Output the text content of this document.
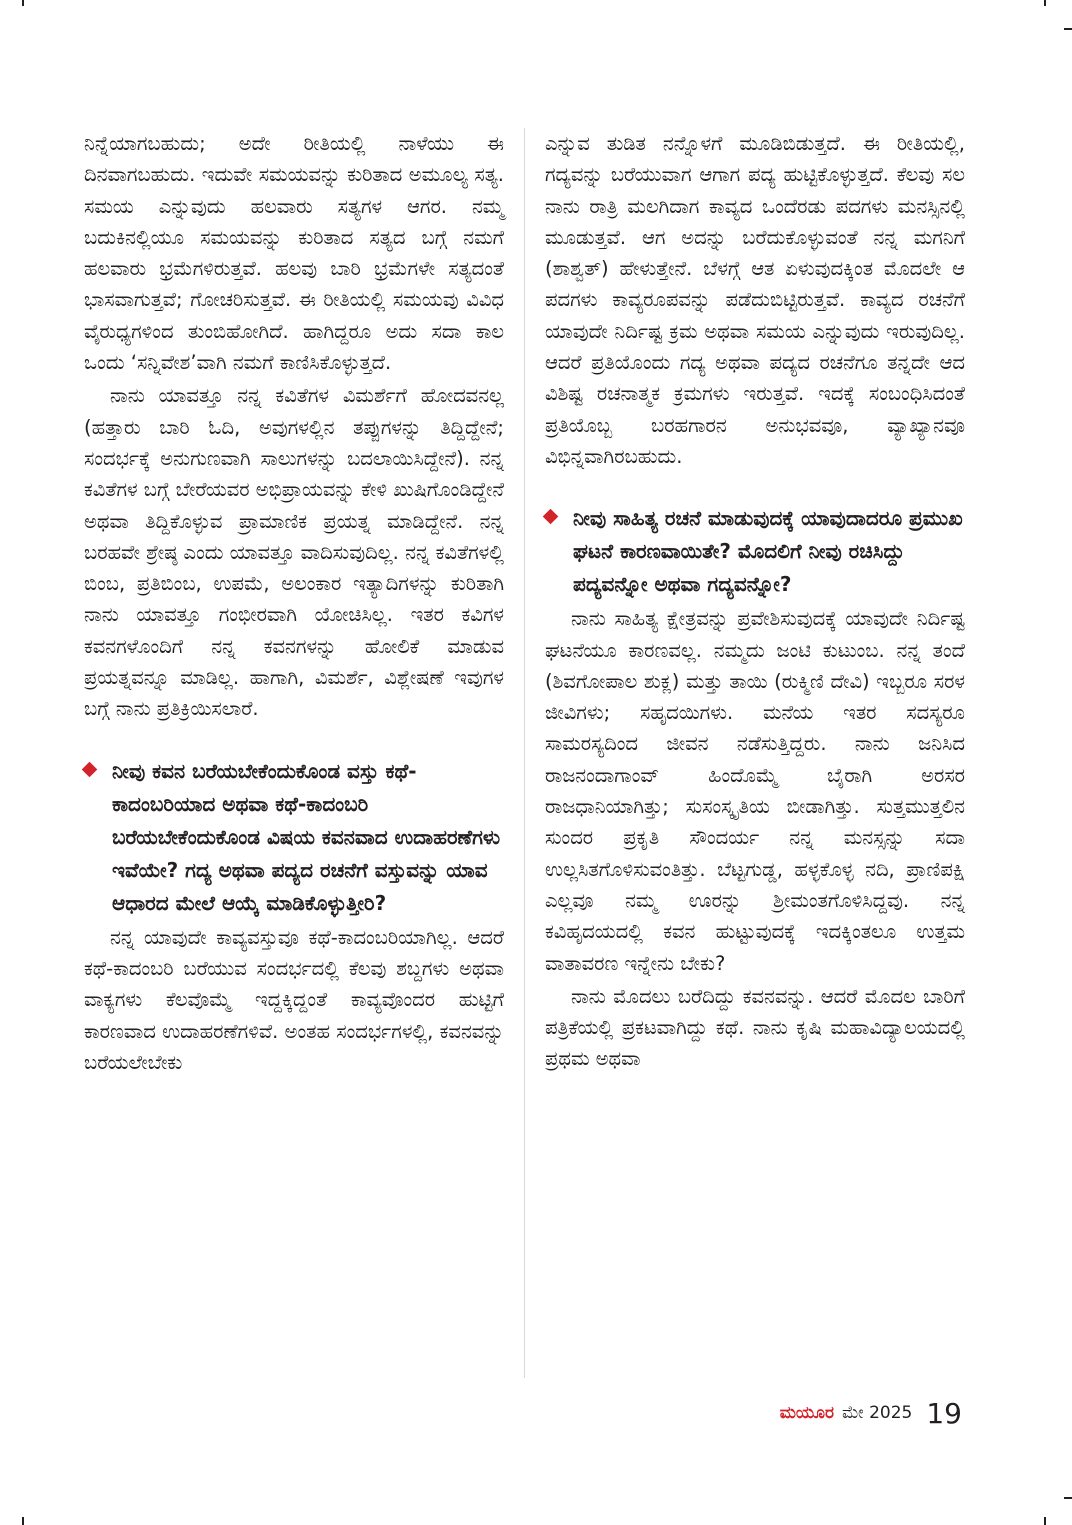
ನಿನ್ನೆಯಾಗಬಹುದು; ಅದೇ ರೀತಿಯಲ್ಲಿ ನಾಳೆಯು ಈ ದಿನವಾಗಬಹುದು. ಇದುವೇ ಸಮಯವನ್ನು ಕುರಿತಾದ ಅಮೂಲ್ಯ ಸತ್ಯ. ಸಮಯ ಎನ್ನುವುದು ಹಲವಾರು ಸತ್ಯಗಳ ಆಗರ. ನಮ್ಮ ಬದುಕಿನಲ್ಲಿಯೂ ಸಮಯವನ್ನು ಕುರಿತಾದ ಸತ್ಯದ ಬಗ್ಗೆ ನಮಗೆ ಹಲವಾರು ಭ್ರಮೆಗಳಿರುತ್ತವೆ. ಹಲವು ಬಾರಿ ಭ್ರಮೆಗಳೇ ಸತ್ಯದಂತೆ ಭಾಸವಾಗುತ್ತವೆ; ಗೋಚರಿಸುತ್ತವೆ. ಈ ರೀತಿಯಲ್ಲಿ ಸಮಯವು ವಿವಿಧ ವೈರುಧ್ಯಗಳಿಂದ ತುಂಬಿಹೋಗಿದೆ. ಹಾಗಿದ್ದರೂ ಅದು ಸದಾ ಕಾಲ ಒಂದು ‘ಸನ್ನಿವೇಶ’ವಾಗಿ ನಮಗೆ ಕಾಣಿಸಿಕೊಳ್ಳುತ್ತದೆ.

ನಾನು ಯಾವತ್ತೂ ನನ್ನ ಕವಿತೆಗಳ ವಿಮರ್ಶೆಗೆ ಹೋದವನಲ್ಲ (ಹತ್ತಾರು ಬಾರಿ ಓದಿ, ಅವುಗಳಲ್ಲಿನ ತಪ್ಪುಗಳನ್ನು ತಿದ್ದಿದ್ದೇನೆ; ಸಂದರ್ಭಕ್ಕೆ ಅನುಗುಣವಾಗಿ ಸಾಲುಗಳನ್ನು ಬದಲಾಯಿಸಿದ್ದೇನೆ). ನನ್ನ ಕವಿತೆಗಳ ಬಗ್ಗೆ ಬೇರೆಯವರ ಅಭಿಪ್ರಾಯವನ್ನು ಕೇಳಿ ಖುಷಿಗೊಂಡಿದ್ದೇನೆ ಅಥವಾ ತಿದ್ದಿಕೊಳ್ಳುವ ಪ್ರಾಮಾಣಿಕ ಪ್ರಯತ್ನ ಮಾಡಿದ್ದೇನೆ. ನನ್ನ ಬರಹವೇ ಶ್ರೇಷ್ಠ ಎಂದು ಯಾವತ್ತೂ ವಾದಿಸುವುದಿಲ್ಲ. ನನ್ನ ಕವಿತೆಗಳಲ್ಲಿ ಬಿಂಬ, ಪ್ರತಿಬಿಂಬ, ಉಪಮೆ, ಅಲಂಕಾರ ಇತ್ಯಾದಿಗಳನ್ನು ಕುರಿತಾಗಿ ನಾನು ಯಾವತ್ತೂ ಗಂಭೀರವಾಗಿ ಯೋಚಿಸಿಲ್ಲ. ಇತರ ಕವಿಗಳ ಕವನಗಳೊಂದಿಗೆ ನನ್ನ ಕವನಗಳನ್ನು ಹೋಲಿಕೆ ಮಾಡುವ ಪ್ರಯತ್ನವನ್ನೂ ಮಾಡಿಲ್ಲ. ಹಾಗಾಗಿ, ವಿಮರ್ಶೆ, ವಿಶ್ಲೇಷಣೆ ಇವುಗಳ ಬಗ್ಗೆ ನಾನು ಪ್ರತಿಕ್ರಿಯಿಸಲಾರೆ.

ನೀವು ಕವನ ಬರೆಯಬೇಕೆಂದುಕೊಂಡ ವಸ್ತು ಕಥೆ-ಕಾದಂಬರಿಯಾದ ಅಥವಾ ಕಥೆ-ಕಾದಂಬರಿ ಬರೆಯಬೇಕೆಂದುಕೊಂಡ ವಿಷಯ ಕವನವಾದ ಉದಾಹರಣೆಗಳು ಇವೆಯೇ? ಗದ್ಯ ಅಥವಾ ಪದ್ಯದ ರಚನೆಗೆ ವಸ್ತುವನ್ನು ಯಾವ ಆಧಾರದ ಮೇಲೆ ಆಯ್ಕೆ ಮಾಡಿಕೊಳ್ಳುತ್ತೀರಿ?

ನನ್ನ ಯಾವುದೇ ಕಾವ್ಯವಸ್ತುವೂ ಕಥೆ-ಕಾದಂಬರಿಯಾಗಿಲ್ಲ. ಆದರೆ ಕಥೆ-ಕಾದಂಬರಿ ಬರೆಯುವ ಸಂದರ್ಭದಲ್ಲಿ ಕೆಲವು ಶಬ್ದಗಳು ಅಥವಾ ವಾಕ್ಯಗಳು ಕೆಲವೊಮ್ಮೆ ಇದ್ದಕ್ಕಿದ್ದಂತೆ ಕಾವ್ಯವೊಂದರ ಹುಟ್ಟಿಗೆ ಕಾರಣವಾದ ಉದಾಹರಣೆಗಳಿವೆ. ಅಂತಹ ಸಂದರ್ಭಗಳಲ್ಲಿ, ಕವನವನ್ನು ಬರೆಯಲೇಬೇಕು

ಎನ್ನುವ ತುಡಿತ ನನ್ನೊಳಗೆ ಮೂಡಿಬಿಡುತ್ತದೆ. ಈ ರೀತಿಯಲ್ಲಿ, ಗದ್ಯವನ್ನು ಬರೆಯುವಾಗ ಆಗಾಗ ಪದ್ಯ ಹುಟ್ಟಿಕೊಳ್ಳುತ್ತದೆ. ಕೆಲವು ಸಲ ನಾನು ರಾತ್ರಿ ಮಲಗಿದಾಗ ಕಾವ್ಯದ ಒಂದೆರಡು ಪದಗಳು ಮನಸ್ಸಿನಲ್ಲಿ ಮೂಡುತ್ತವೆ. ಆಗ ಅದನ್ನು ಬರೆದುಕೊಳ್ಳುವಂತೆ ನನ್ನ ಮಗನಿಗೆ (ಶಾಶ್ವತ್) ಹೇಳುತ್ತೇನೆ. ಬೆಳಗ್ಗೆ ಆತ ಏಳುವುದಕ್ಕಿಂತ ಮೊದಲೇ ಆ ಪದಗಳು ಕಾವ್ಯರೂಪವನ್ನು ಪಡೆದುಬಿಟ್ಟಿರುತ್ತವೆ. ಕಾವ್ಯದ ರಚನೆಗೆ ಯಾವುದೇ ನಿರ್ದಿಷ್ಟ ಕ್ರಮ ಅಥವಾ ಸಮಯ ಎನ್ನುವುದು ಇರುವುದಿಲ್ಲ. ಆದರೆ ಪ್ರತಿಯೊಂದು ಗದ್ಯ ಅಥವಾ ಪದ್ಯದ ರಚನೆಗೂ ತನ್ನದೇ ಆದ ವಿಶಿಷ್ಟ ರಚನಾತ್ಮಕ ಕ್ರಮಗಳು ಇರುತ್ತವೆ. ಇದಕ್ಕೆ ಸಂಬಂಧಿಸಿದಂತೆ ಪ್ರತಿಯೊಬ್ಬ ಬರಹಗಾರನ ಅನುಭವವೂ, ವ್ಯಾಖ್ಯಾನವೂ ವಿಭಿನ್ನವಾಗಿರಬಹುದು.

ನೀವು ಸಾಹಿತ್ಯ ರಚನೆ ಮಾಡುವುದಕ್ಕೆ ಯಾವುದಾದರೂ ಪ್ರಮುಖ ಘಟನೆ ಕಾರಣವಾಯಿತೇ? ಮೊದಲಿಗೆ ನೀವು ರಚಿಸಿದ್ದು ಪದ್ಯವನ್ನೋ ಅಥವಾ ಗದ್ಯವನ್ನೋ?

ನಾನು ಸಾಹಿತ್ಯ ಕ್ಷೇತ್ರವನ್ನು ಪ್ರವೇಶಿಸುವುದಕ್ಕೆ ಯಾವುದೇ ನಿರ್ದಿಷ್ಟ ಘಟನೆಯೂ ಕಾರಣವಲ್ಲ. ನಮ್ಮದು ಜಂಟಿ ಕುಟುಂಬ. ನನ್ನ ತಂದೆ (ಶಿವಗೋಪಾಲ ಶುಕ್ಲ) ಮತ್ತು ತಾಯಿ (ರುಕ್ಮಿಣಿ ದೇವಿ) ಇಬ್ಬರೂ ಸರಳ ಜೀವಿಗಳು; ಸಹೃದಯಿಗಳು. ಮನೆಯ ಇತರ ಸದಸ್ಯರೂ ಸಾಮರಸ್ಯದಿಂದ ಜೀವನ ನಡೆಸುತ್ತಿದ್ದರು. ನಾನು ಜನಿಸಿದ ರಾಜನಂದಾಗಾಂವ್ ಹಿಂದೊಮ್ಮೆ ಬೈರಾಗಿ ಅರಸರ ರಾಜಧಾನಿಯಾಗಿತ್ತು; ಸುಸಂಸ್ಕೃತಿಯ ಬೀಡಾಗಿತ್ತು. ಸುತ್ತಮುತ್ತಲಿನ ಸುಂದರ ಪ್ರಕೃತಿ ಸೌಂದರ್ಯ ನನ್ನ ಮನಸ್ಸನ್ನು ಸದಾ ಉಲ್ಲಸಿತಗೊಳಿಸುವಂತಿತ್ತು. ಬೆಟ್ಟಗುಡ್ಡ, ಹಳ್ಳಕೊಳ್ಳ ನದಿ, ಪ್ರಾಣಿಪಕ್ಷಿ ಎಲ್ಲವೂ ನಮ್ಮ ಊರನ್ನು ಶ್ರೀಮಂತಗೊಳಿಸಿದ್ದವು. ನನ್ನ ಕವಿಹೃದಯದಲ್ಲಿ ಕವನ ಹುಟ್ಟುವುದಕ್ಕೆ ಇದಕ್ಕಿಂತಲೂ ಉತ್ತಮ ವಾತಾವರಣ ಇನ್ನೇನು ಬೇಕು?

ನಾನು ಮೊದಲು ಬರೆದಿದ್ದು ಕವನವನ್ನು. ಆದರೆ ಮೊದಲ ಬಾರಿಗೆ ಪತ್ರಿಕೆಯಲ್ಲಿ ಪ್ರಕಟವಾಗಿದ್ದು ಕಥೆ. ನಾನು ಕೃಷಿ ಮಹಾವಿದ್ಯಾಲಯದಲ್ಲಿ ಪ್ರಥಮ ಅಥವಾ

ಮಯೂರ ಮೇ 2025 19
